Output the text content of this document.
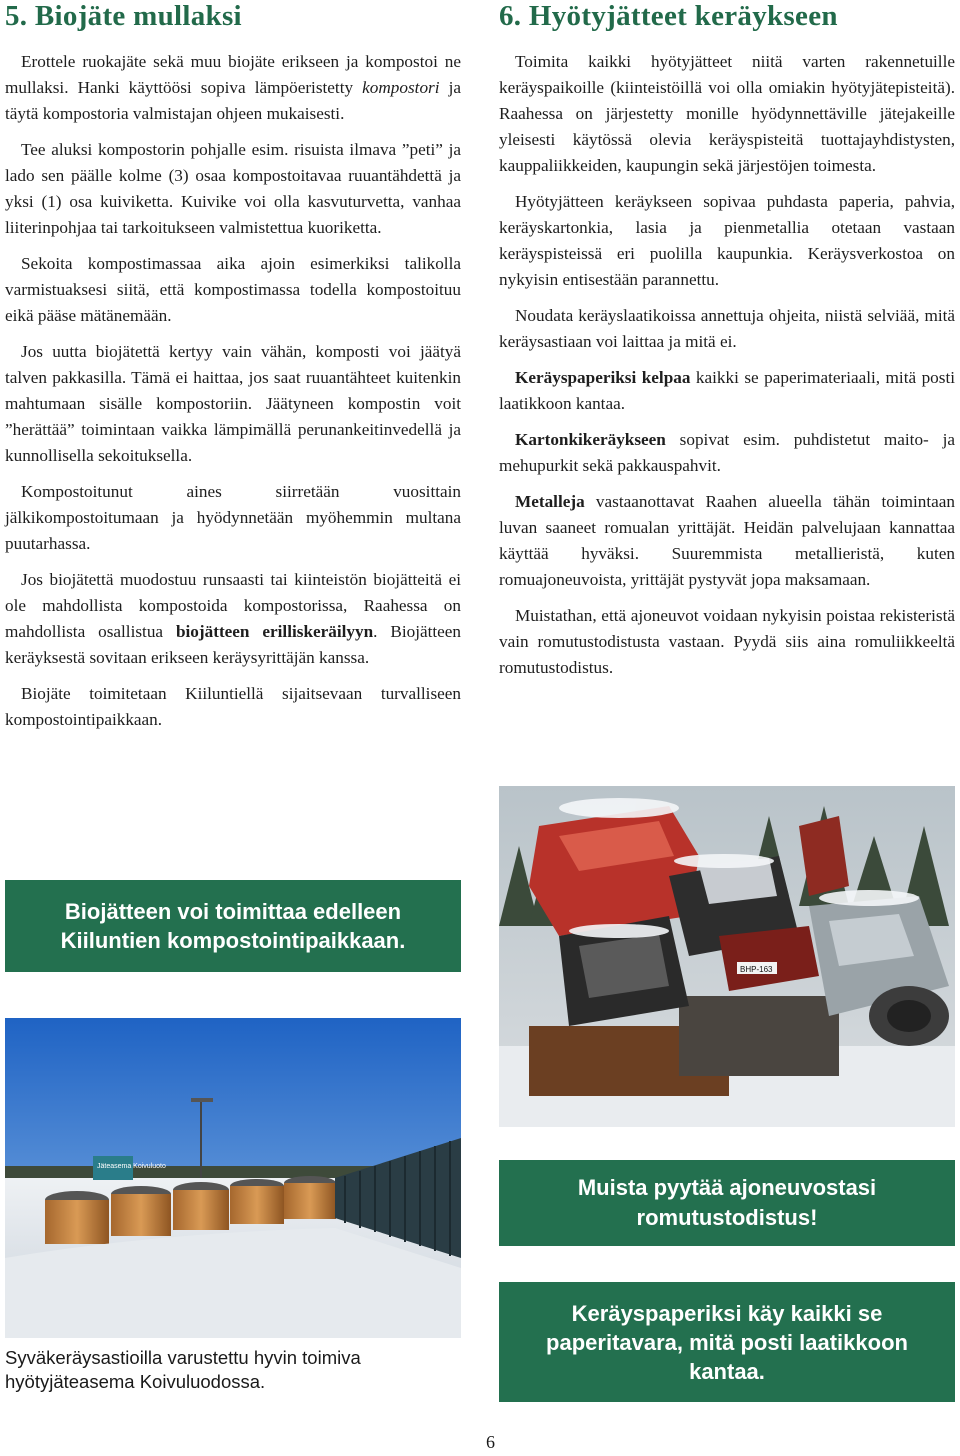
5. Biojäte mullaksi

Erottele ruokajäte sekä muu biojäte erikseen ja kompostoi ne mullaksi. Hanki käyttöösi sopiva lämpöeristetty kompostori ja täytä kompostoria valmistajan ohjeen mukaisesti.

Tee aluksi kompostorin pohjalle esim. risuista ilmava ”peti” ja lado sen päälle kolme (3) osaa kompostoitavaa ruuantähdettä ja yksi (1) osa kuiviketta. Kuivike voi olla kasvuturvetta, vanhaa liiterinpohjaa tai tarkoitukseen valmistettua kuoriketta.

Sekoita kompostimassaa aika ajoin esimerkiksi talikolla varmistuaksesi siitä, että kompostimassa todella kompostoituu eikä pääse mätänemään.

Jos uutta biojätettä kertyy vain vähän, komposti voi jäätyä talven pakkasilla. Tämä ei haittaa, jos saat ruuantähteet kuitenkin mahtumaan sisälle kompostoriin. Jäätyneen kompostin voit ”herättää” toimintaan vaikka lämpimällä perunankeitinvedellä ja kunnollisella sekoituksella.

Kompostoitunut aines siirretään vuosittain jälkikompostoitumaan ja hyödynnetään myöhemmin multana puutarhassa.

Jos biojätettä muodostuu runsaasti tai kiinteistön biojätteitä ei ole mahdollista kompostoida kompostorissa, Raahessa on mahdollista osallistua biojätteen erilliskeräilyyn. Biojätteen keräyksestä sovitaan erikseen keräysyrittäjän kanssa.

Biojäte toimitetaan Kiiluntiellä sijaitsevaan turvalliseen kompostointipaikkaan.

Biojätteen voi toimittaa edelleen Kiiluntien kompostointipaikkaan.
Jäteasema Koivuluoto
Syväkeräysastioilla varustettu hyvin toimiva hyötyjäteasema Koivuluodossa.
6. Hyötyjätteet keräykseen

Toimita kaikki hyötyjätteet niitä varten rakennetuille keräyspaikoille (kiinteistöillä voi olla omiakin hyötyjätepisteitä). Raahessa on järjestetty monille hyödynnettäville jätejakeille yleisesti käytössä olevia keräyspisteitä tuottajayhdistysten, kauppaliikkeiden, kaupungin sekä järjestöjen toimesta.

Hyötyjätteen keräykseen sopivaa puhdasta paperia, pahvia, keräyskartonkia, lasia ja pienmetallia otetaan vastaan keräyspisteissä eri puolilla kaupunkia. Keräysverkostoa on nykyisin entisestään parannettu.

Noudata keräyslaatikoissa annettuja ohjeita, niistä selviää, mitä keräysastiaan voi laittaa ja mitä ei.

Keräyspaperiksi kelpaa kaikki se paperimateriaali, mitä posti laatikkoon kantaa.

Kartonkikeräykseen sopivat esim. puhdistetut maito- ja mehupurkit sekä pakkauspahvit.

Metalleja vastaanottavat Raahen alueella tähän toimintaan luvan saaneet romualan yrittäjät. Heidän palvelujaan kannattaa käyttää hyväksi. Suuremmista metallieristä, kuten romuajoneuvoista, yrittäjät pystyvät jopa maksamaan.

Muistathan, että ajoneuvot voidaan nykyisin poistaa rekisteristä vain romutustodistusta vastaan. Pyydä siis aina romuliikkeeltä romutustodistus.

BHP-163
Muista pyytää ajoneuvostasi romutustodistus!
Keräyspaperiksi käy kaikki se paperitavara, mitä posti laatikkoon kantaa.
6
